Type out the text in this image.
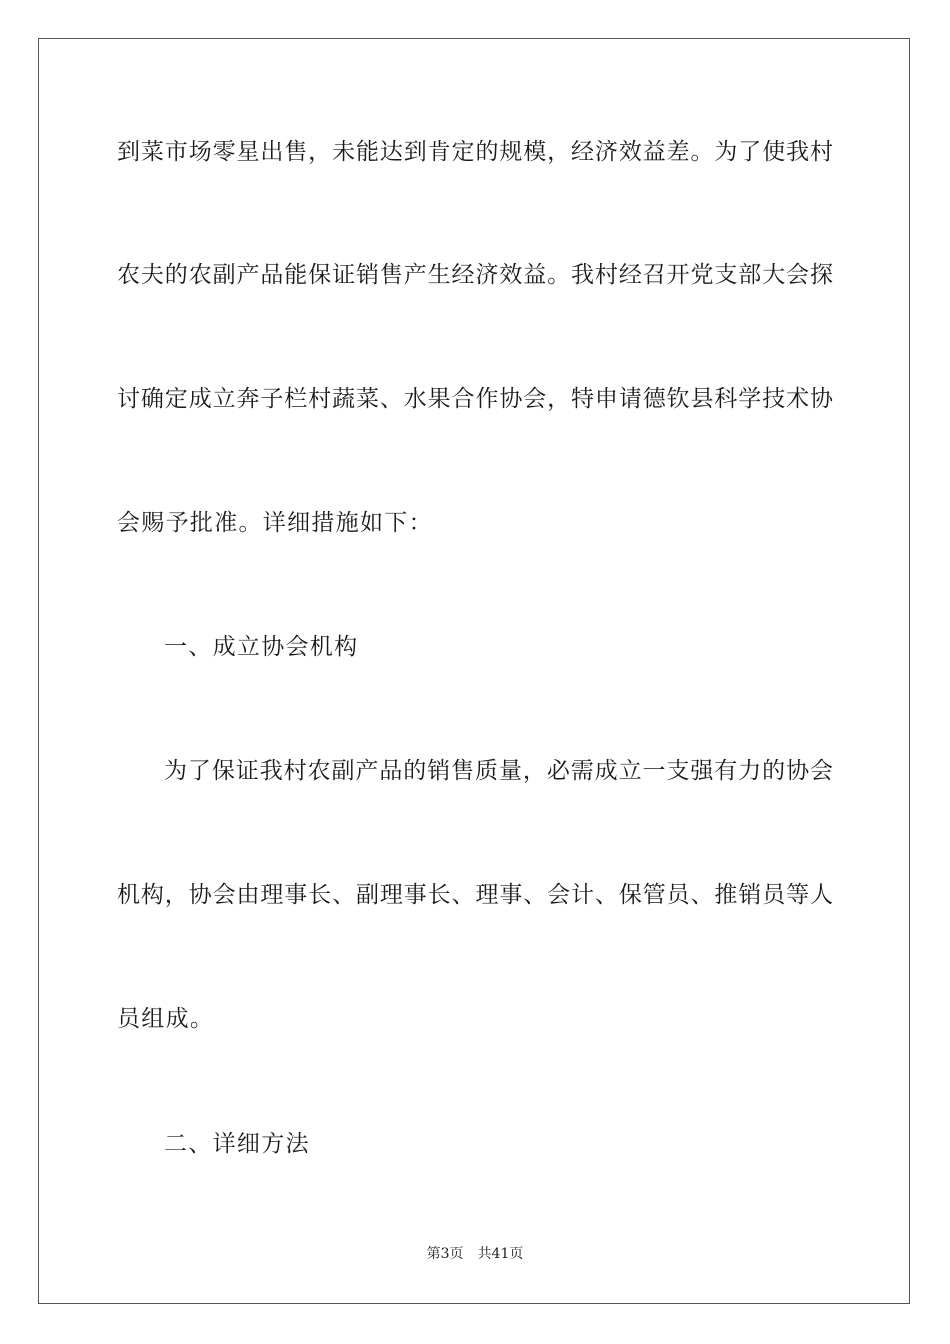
到菜市场零星出售，未能达到肯定的规模，经济效益差。为了使我村
农夫的农副产品能保证销售产生经济效益。我村经召开党支部大会探
讨确定成立奔子栏村蔬菜、水果合作协会，特申请德钦县科学技术协
会赐予批准。详细措施如下：
一、成立协会机构
为了保证我村农副产品的销售质量，必需成立一支强有力的协会
机构，协会由理事长、副理事长、理事、会计、保管员、推销员等人
员组成。
二、详细方法
第3页 共41页
